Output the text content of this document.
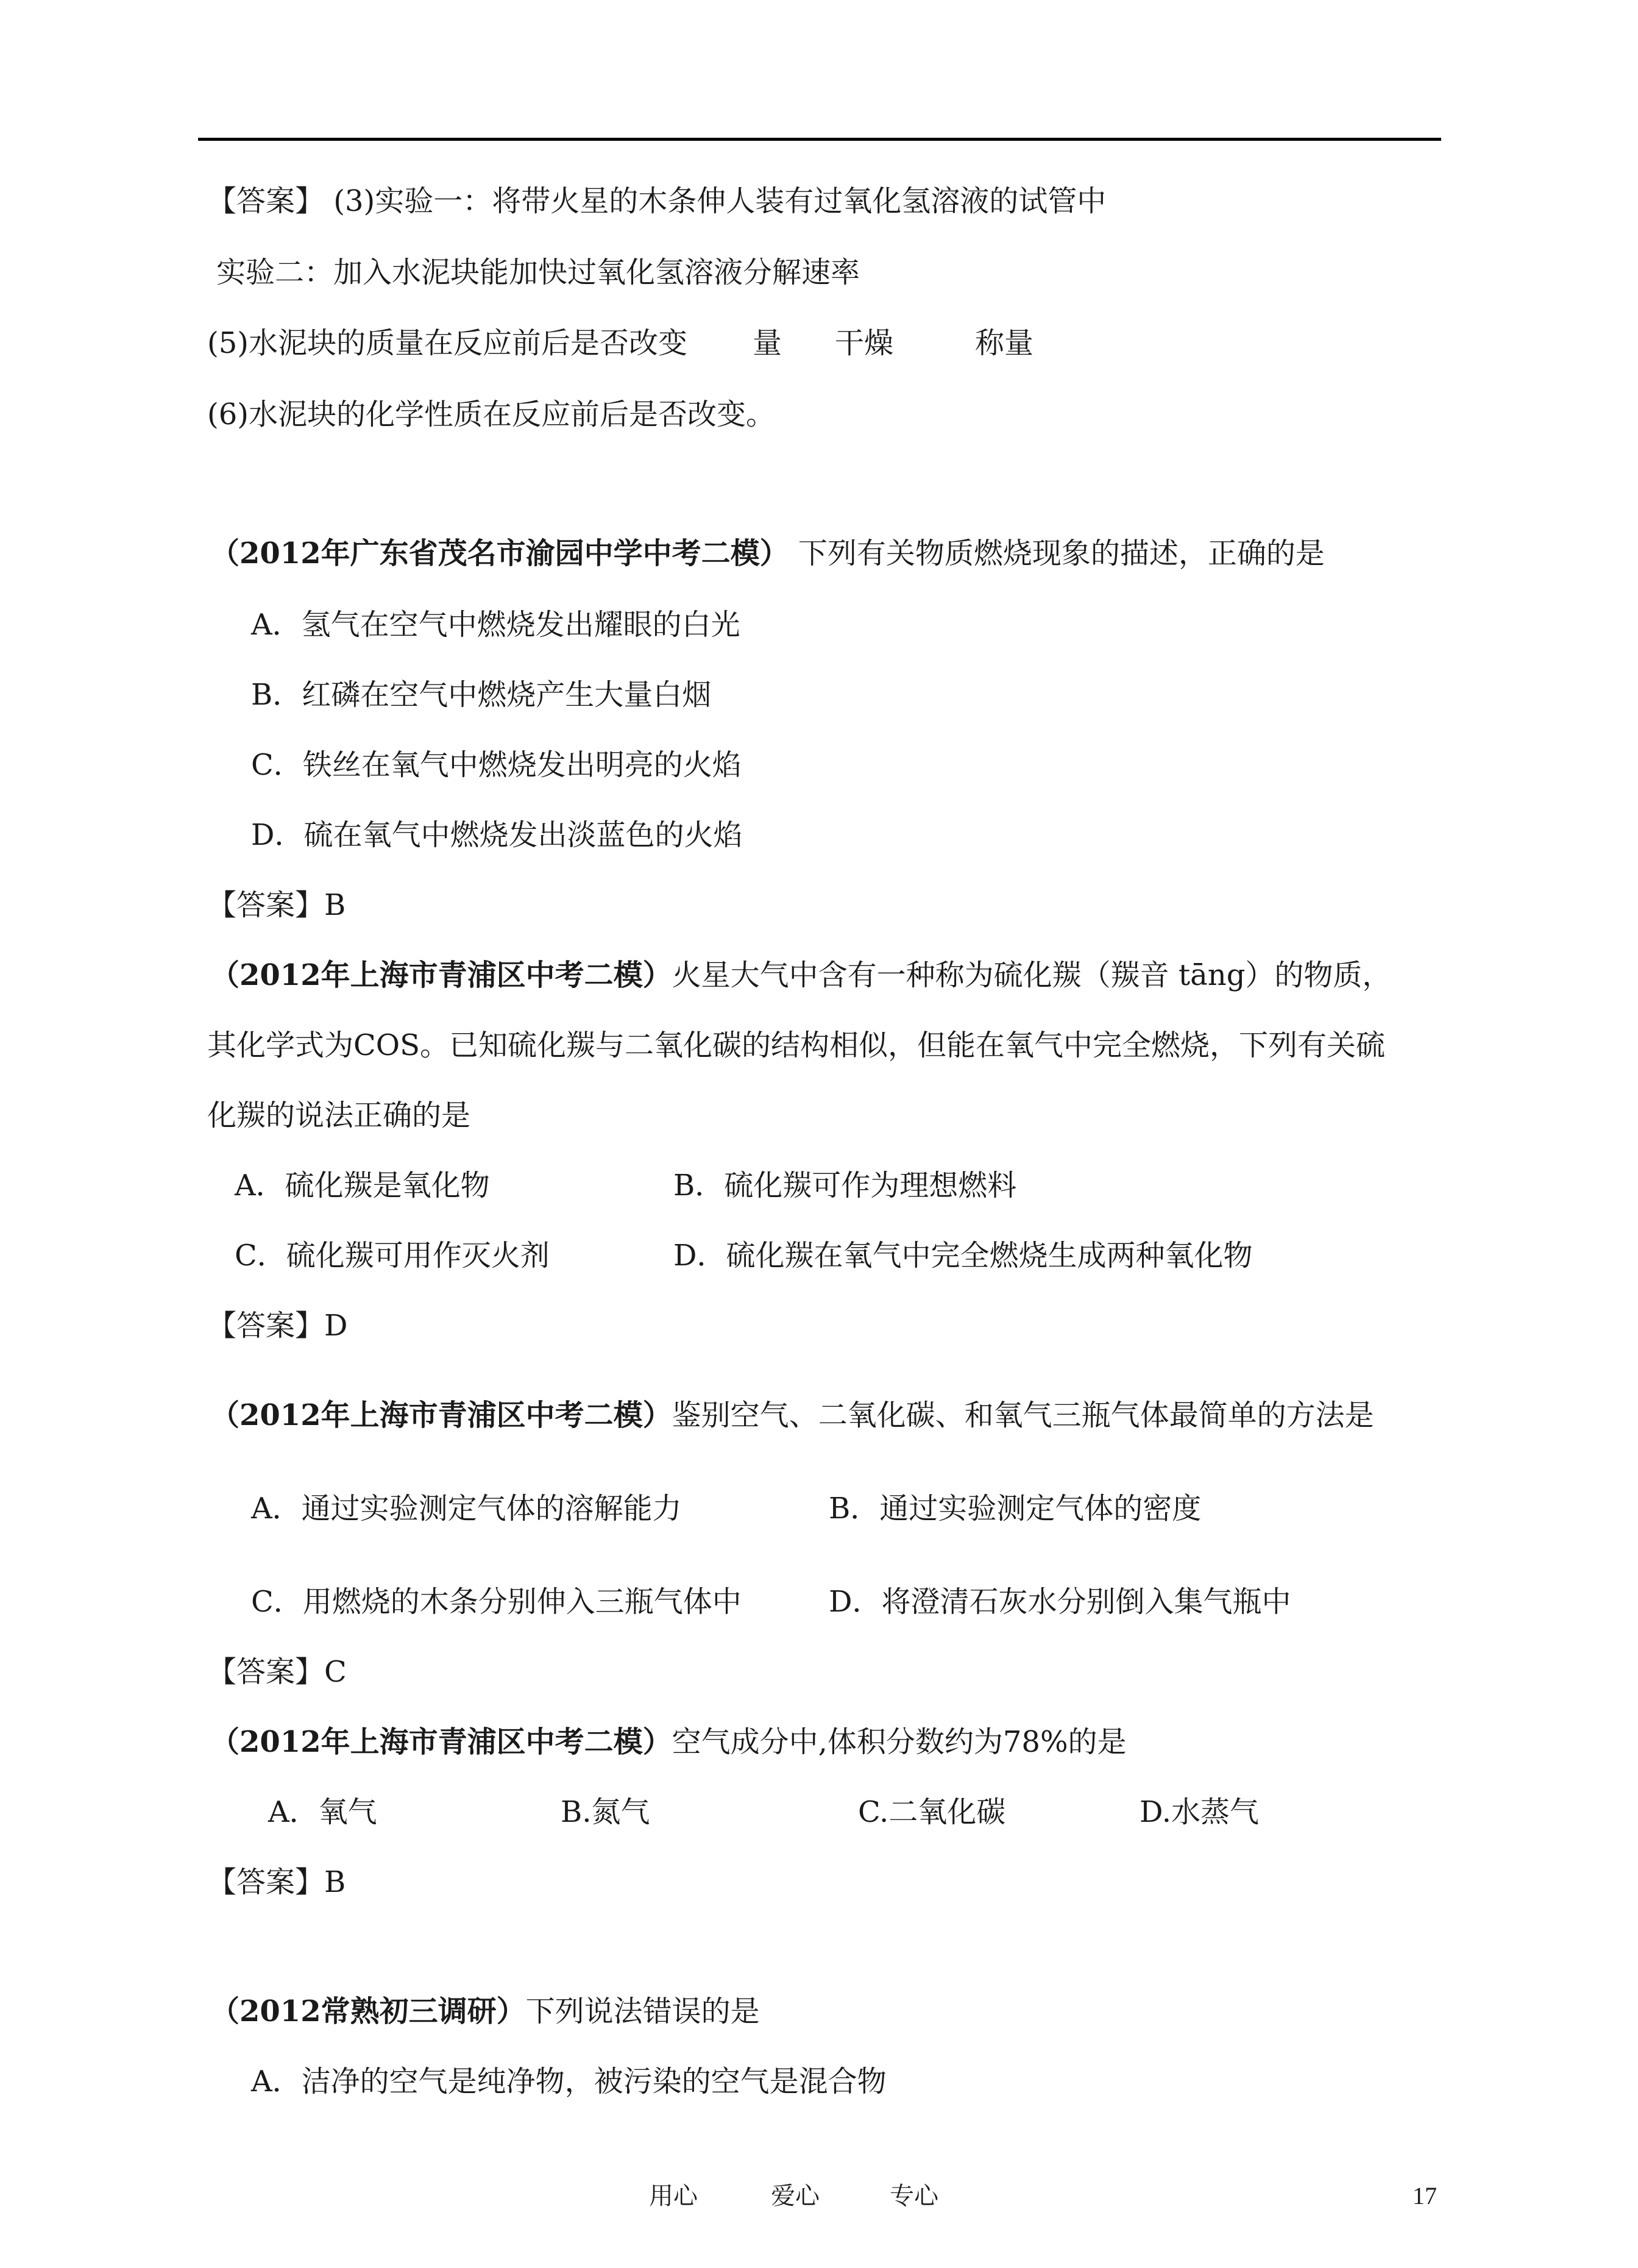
【答案】 (3)实验一：将带火星的木条伸人装有过氧化氢溶液的试管中
实验二：加入水泥块能加快过氧化氢溶液分解速率
(5)水泥块的质量在反应前后是否改变 量 干燥	称量
(6)水泥块的化学性质在反应前后是否改变。
（2012年广东省茂名市渝园中学中考二模） 下列有关物质燃烧现象的描述，正确的是
A．氢气在空气中燃烧发出耀眼的白光
B．红磷在空气中燃烧产生大量白烟
C．铁丝在氧气中燃烧发出明亮的火焰
D．硫在氧气中燃烧发出淡蓝色的火焰
【答案】B
（2012年上海市青浦区中考二模）火星大气中含有一种称为硫化羰（羰音 tāng）的物质，
其化学式为COS。已知硫化羰与二氧化碳的结构相似，但能在氧气中完全燃烧，下列有关硫
化羰的说法正确的是
A．硫化羰是氧化物	B．硫化羰可作为理想燃料
C．硫化羰可用作灭火剂	D．硫化羰在氧气中完全燃烧生成两种氧化物
【答案】D
（2012年上海市青浦区中考二模）鉴别空气、二氧化碳、和氧气三瓶气体最简单的方法是
A．通过实验测定气体的溶解能力	B．通过实验测定气体的密度
C．用燃烧的木条分别伸入三瓶气体中	D．将澄清石灰水分别倒入集气瓶中
【答案】C
（2012年上海市青浦区中考二模）空气成分中,体积分数约为78%的是
A．氧气	B.氮气	C.二氧化碳	D.水蒸气
【答案】B
（2012常熟初三调研）下列说法错误的是
A．洁净的空气是纯净物，被污染的空气是混合物
用心	爱心	专心	17
